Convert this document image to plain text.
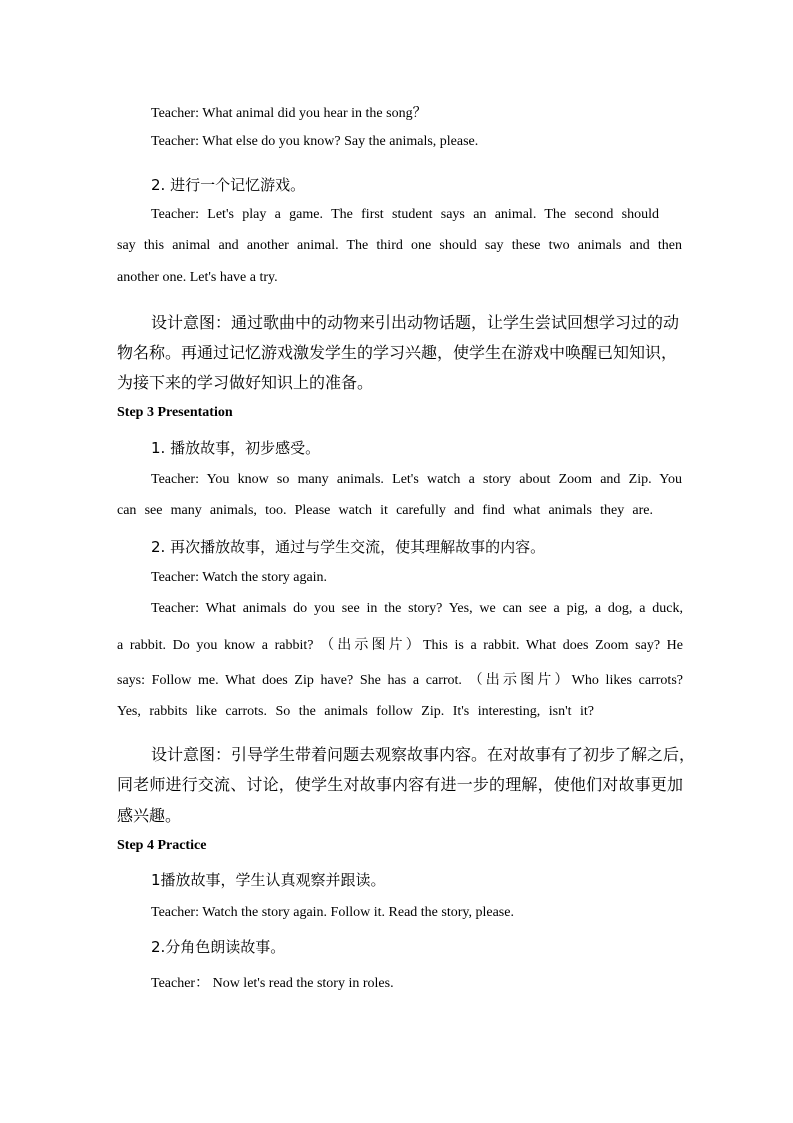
Teacher: What animal did you hear in the song？
Teacher: What else do you know? Say the animals, please.
2. 进行一个记忆游戏。
Teacher: Let's play a game. The first student says an animal. The second should
say this animal and another animal. The third one should say these two animals and then
another one. Let's have a try.
设计意图：通过歌曲中的动物来引出动物话题，让学生尝试回想学习过的动
物名称。再通过记忆游戏激发学生的学习兴趣，使学生在游戏中唤醒已知知识，
为接下来的学习做好知识上的准备。
Step 3 Presentation
1. 播放故事，初步感受。
Teacher: You know so many animals. Let's watch a story about Zoom and Zip. You
can see many animals, too. Please watch it carefully and find what animals they are.
2. 再次播放故事，通过与学生交流，使其理解故事的内容。
Teacher: Watch the story again.
Teacher: What animals do you see in the story? Yes, we can see a pig, a dog, a duck,
a rabbit. Do you know a rabbit? （出示图片）This is a rabbit. What does Zoom say? He
says: Follow me. What does Zip have? She has a carrot. （出示图片）Who likes carrots?
Yes, rabbits like carrots. So the animals follow Zip. It's interesting, isn't it?
设计意图：引导学生带着问题去观察故事内容。在对故事有了初步了解之后，
同老师进行交流、讨论，使学生对故事内容有进一步的理解，使他们对故事更加
感兴趣。
Step 4 Practice
1播放故事，学生认真观察并跟读。
Teacher: Watch the story again. Follow it. Read the story, please.
2.分角色朗读故事。
Teacher： Now let's read the story in roles.
